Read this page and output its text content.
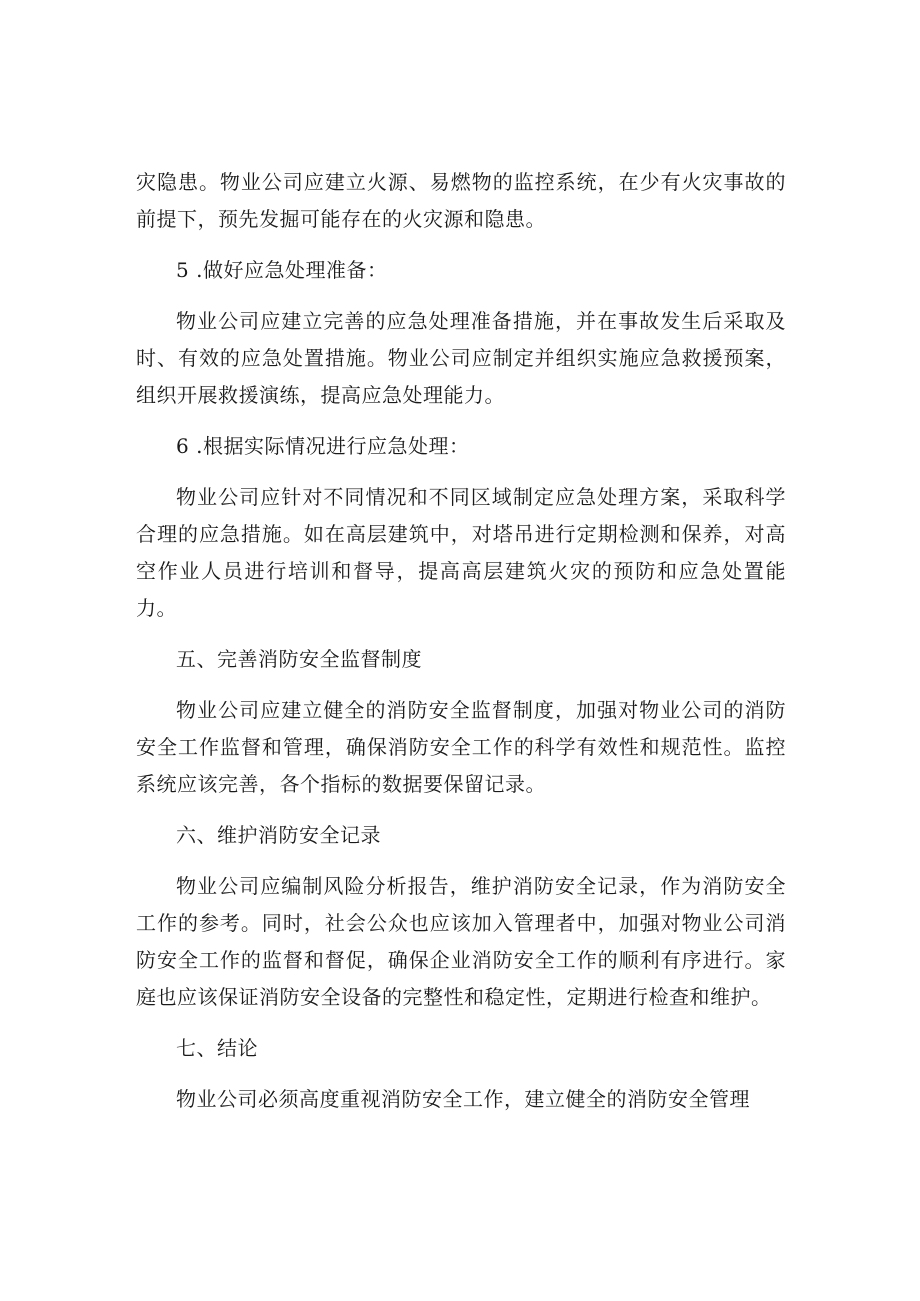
灾隐患。物业公司应建立火源、易燃物的监控系统，在少有火灾事故的前提下，预先发掘可能存在的火灾源和隐患。

5 .做好应急处理准备：

物业公司应建立完善的应急处理准备措施，并在事故发生后采取及时、有效的应急处置措施。物业公司应制定并组织实施应急救援预案，组织开展救援演练，提高应急处理能力。

6 .根据实际情况进行应急处理：

物业公司应针对不同情况和不同区域制定应急处理方案，采取科学合理的应急措施。如在高层建筑中，对塔吊进行定期检测和保养，对高空作业人员进行培训和督导，提高高层建筑火灾的预防和应急处置能力。

五、完善消防安全监督制度

物业公司应建立健全的消防安全监督制度，加强对物业公司的消防安全工作监督和管理，确保消防安全工作的科学有效性和规范性。监控系统应该完善，各个指标的数据要保留记录。

六、维护消防安全记录

物业公司应编制风险分析报告，维护消防安全记录，作为消防安全工作的参考。同时，社会公众也应该加入管理者中，加强对物业公司消防安全工作的监督和督促，确保企业消防安全工作的顺利有序进行。家庭也应该保证消防安全设备的完整性和稳定性，定期进行检查和维护。

七、结论

物业公司必须高度重视消防安全工作，建立健全的消防安全管理
